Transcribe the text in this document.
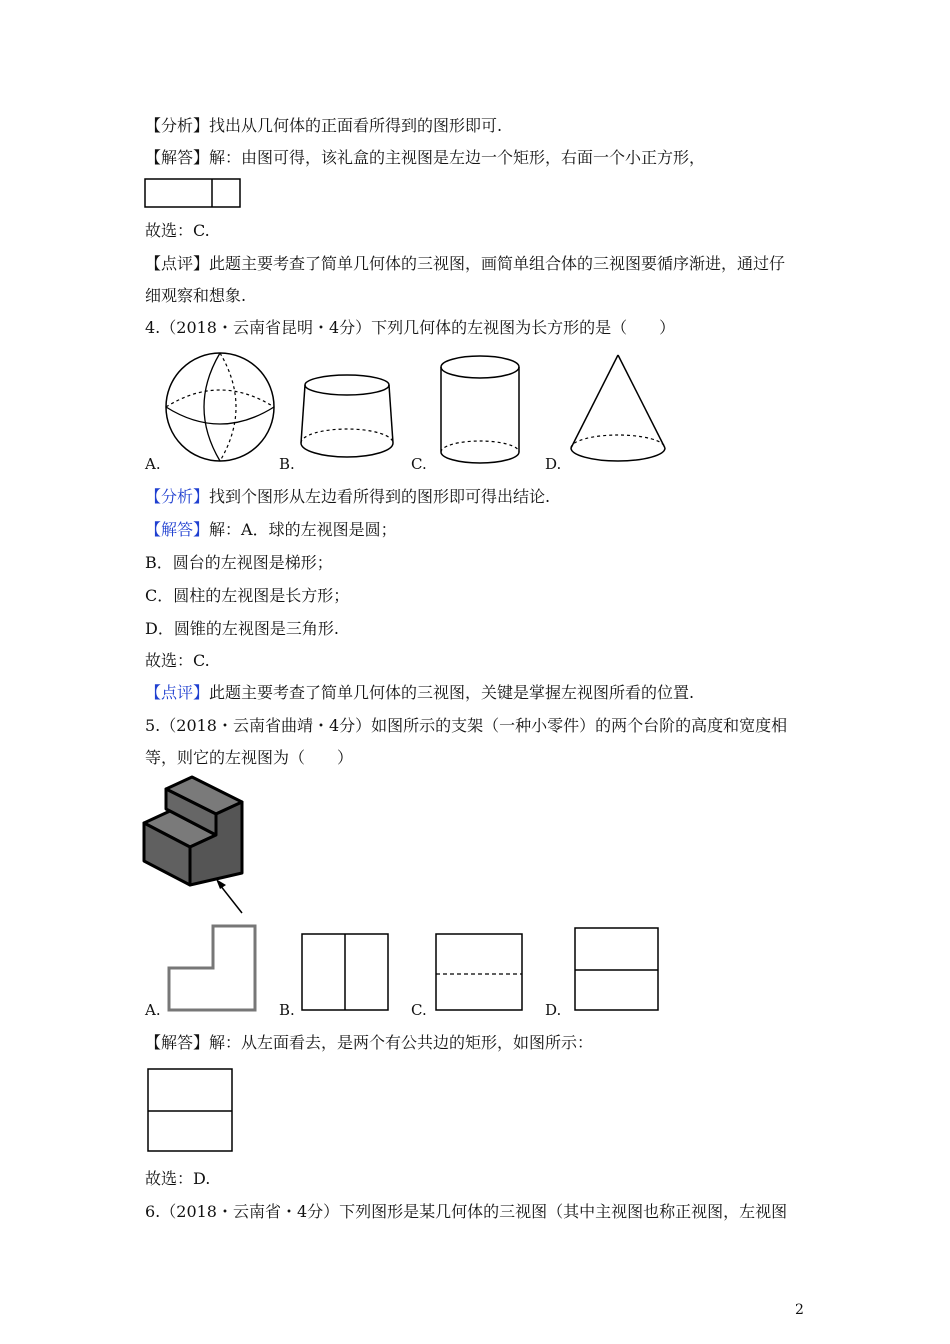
【分析】找出从几何体的正面看所得到的图形即可.
【解答】解：由图可得，该礼盒的主视图是左边一个矩形，右面一个小正方形，
故选：C.
【点评】此题主要考查了简单几何体的三视图，画简单组合体的三视图要循序渐进，通过仔
细观察和想象.
4.（2018・云南省昆明・4分）下列几何体的左视图为长方形的是（　　）
A.	B.	C.	D.
【分析】找到个图形从左边看所得到的图形即可得出结论.
【解答】解：A．球的左视图是圆；
B．圆台的左视图是梯形；
C．圆柱的左视图是长方形；
D．圆锥的左视图是三角形.
故选：C.
【点评】此题主要考查了简单几何体的三视图，关键是掌握左视图所看的位置.
5.（2018・云南省曲靖・4分）如图所示的支架（一种小零件）的两个台阶的高度和宽度相
等，则它的左视图为（　　）
A.	B.	C.	D.
【解答】解：从左面看去，是两个有公共边的矩形，如图所示：
故选：D.
6.（2018・云南省・4分）下列图形是某几何体的三视图（其中主视图也称正视图，左视图
2
